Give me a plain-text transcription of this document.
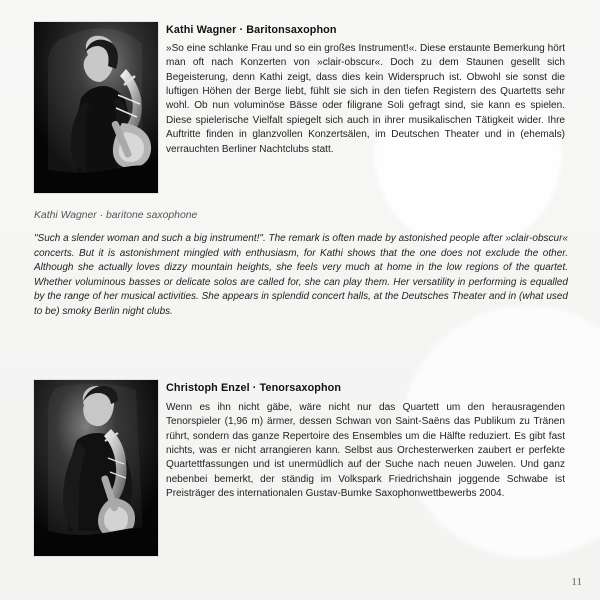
Kathi Wagner · Baritonsaxophon
»So eine schlanke Frau und so ein großes Instrument!«. Diese erstaunte Bemerkung hört man oft nach Konzerten von »clair-obscur«. Doch zu dem Staunen gesellt sich Begeisterung, denn Kathi zeigt, dass dies kein Widerspruch ist. Obwohl sie sonst die luftigen Höhen der Berge liebt, fühlt sie sich in den tiefen Registern des Quartetts sehr wohl. Ob nun voluminöse Bässe oder filigrane Soli gefragt sind, sie kann es spielen. Diese spielerische Vielfalt spiegelt sich auch in ihrer musikalischen Tätigkeit wider. Ihre Auftritte finden in glanzvollen Konzertsälen, im Deutschen Theater und in (ehemals) verrauchten Berliner Nachtclubs statt.
Kathi Wagner · baritone saxophone
"Such a slender woman and such a big instrument!". The remark is often made by astonished people after »clair-obscur« concerts. But it is astonishment mingled with enthusiasm, for Kathi shows that the one does not exclude the other. Although she actually loves dizzy mountain heights, she feels very much at home in the low regions of the quartet. Whether voluminous basses or delicate solos are called for, she can play them. Her versatility in performing is equalled by the range of her musical activities. She appears in splendid concert halls, at the Deutsches Theater and in (what used to be) smoky Berlin night clubs.
Christoph Enzel · Tenorsaxophon
Wenn es ihn nicht gäbe, wäre nicht nur das Quartett um den herausragenden Tenorspieler (1,96 m) ärmer, dessen Schwan von Saint-Saëns das Publikum zu Tränen rührt, sondern das ganze Repertoire des Ensembles um die Hälfte reduziert. Es gibt fast nichts, was er nicht arrangieren kann. Selbst aus Orchesterwerken zaubert er perfekte Quartettfassungen und ist unermüdlich auf der Suche nach neuen Juwelen. Und ganz nebenbei bemerkt, der ständig im Volkspark Friedrichshain joggende Schwabe ist Preisträger des internationalen Gustav-Bumke Saxophonwettbewerbs 2004.
11
